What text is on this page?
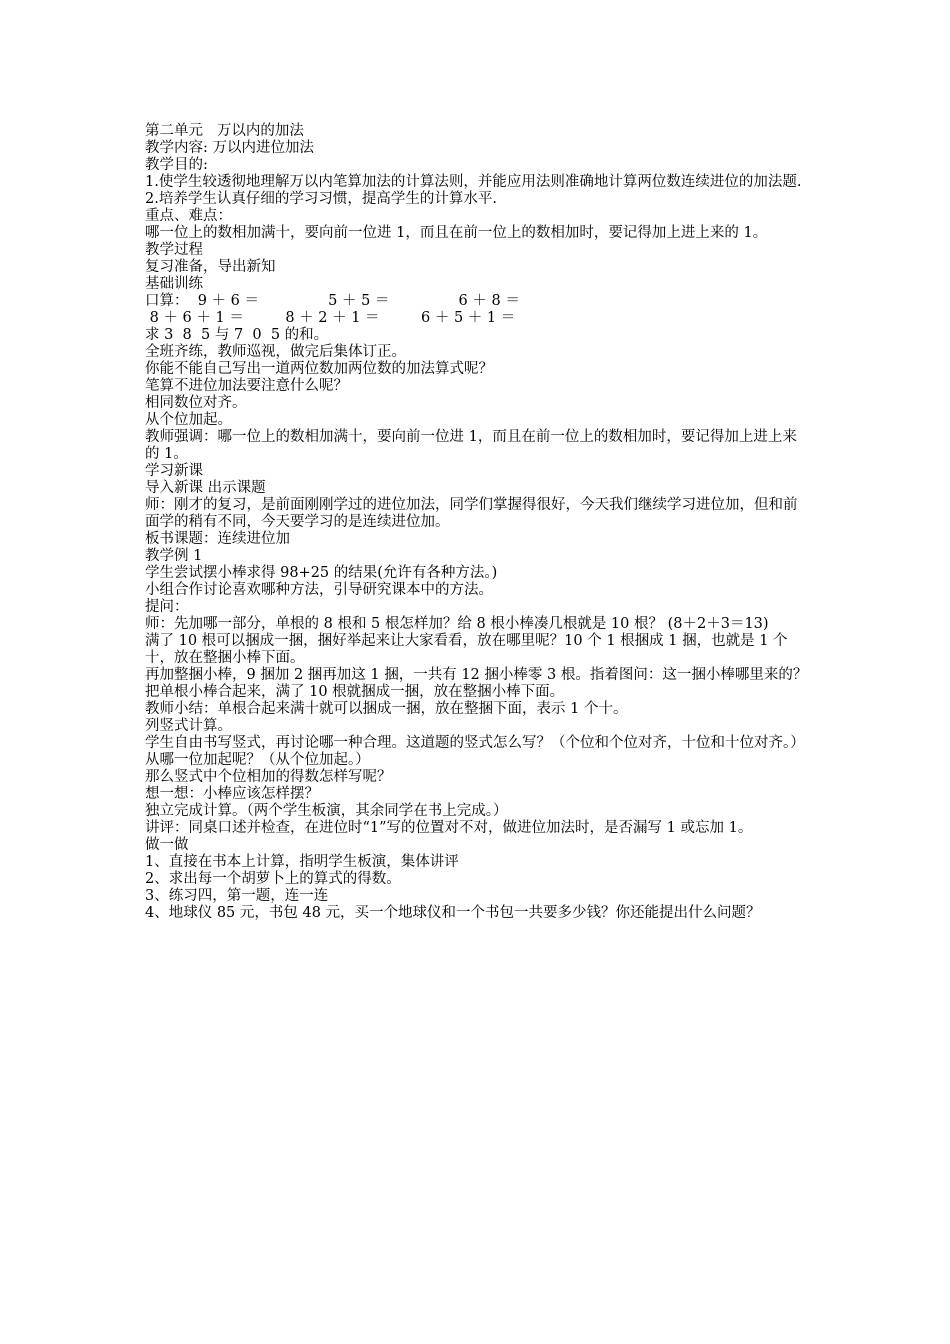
第二单元   万以内的加法

教学内容: 万以内进位加法

教学目的:

1.使学生较透彻地理解万以内笔算加法的计算法则，并能应用法则准确地计算两位数连续进位的加法题.

2.培养学生认真仔细的学习习惯，提高学生的计算水平.

重点、难点：

哪一位上的数相加满十，要向前一位进 1，而且在前一位上的数相加时，要记得加上进上来的 1。

教学过程

复习准备，导出新知

基础训练

口算：  9 ＋ 6 ＝               5 ＋ 5 ＝               6 ＋ 8 ＝

8 ＋ 6 ＋ 1 ＝         8 ＋ 2 ＋ 1 ＝         6 ＋ 5 ＋ 1 ＝

求 3  8  5 与 7  0  5 的和。

全班齐练，教师巡视，做完后集体订正。

你能不能自己写出一道两位数加两位数的加法算式呢？

笔算不进位加法要注意什么呢？

相同数位对齐。

从个位加起。

教师强调：哪一位上的数相加满十，要向前一位进 1，而且在前一位上的数相加时，要记得加上进上来的 1。

学习新课

导入新课 出示课题

师：刚才的复习，是前面刚刚学过的进位加法，同学们掌握得很好，今天我们继续学习进位加，但和前面学的稍有不同，今天要学习的是连续进位加。

板书课题：连续进位加

教学例 1

学生尝试摆小棒求得 98+25 的结果(允许有各种方法。)

小组合作讨论喜欢哪种方法，引导研究课本中的方法。

提问：

师：先加哪一部分，单根的 8 根和 5 根怎样加？给 8 根小棒凑几根就是 10 根？ (8＋2＋3＝13)

满了 10 根可以捆成一捆，捆好举起来让大家看看，放在哪里呢？10 个 1 根捆成 1 捆，也就是 1 个十，放在整捆小棒下面。

再加整捆小棒，9 捆加 2 捆再加这 1 捆，一共有 12 捆小棒零 3 根。指着图问：这一捆小棒哪里来的？

把单根小棒合起来，满了 10 根就捆成一捆，放在整捆小棒下面。

教师小结：单根合起来满十就可以捆成一捆，放在整捆下面，表示 1 个十。

列竖式计算。

学生自由书写竖式，再讨论哪一种合理。这道题的竖式怎么写？（个位和个位对齐，十位和十位对齐。）

从哪一位加起呢？（从个位加起。）

那么竖式中个位相加的得数怎样写呢？

想一想：小棒应该怎样摆？

独立完成计算。（两个学生板演，其余同学在书上完成。）

讲评：同桌口述并检查，在进位时“1”写的位置对不对，做进位加法时，是否漏写 1 或忘加 1。

做一做

1、直接在书本上计算，指明学生板演，集体讲评

2、求出每一个胡萝卜上的算式的得数。

3、练习四，第一题，连一连

4、地球仪 85 元，书包 48 元，买一个地球仪和一个书包一共要多少钱？你还能提出什么问题？
